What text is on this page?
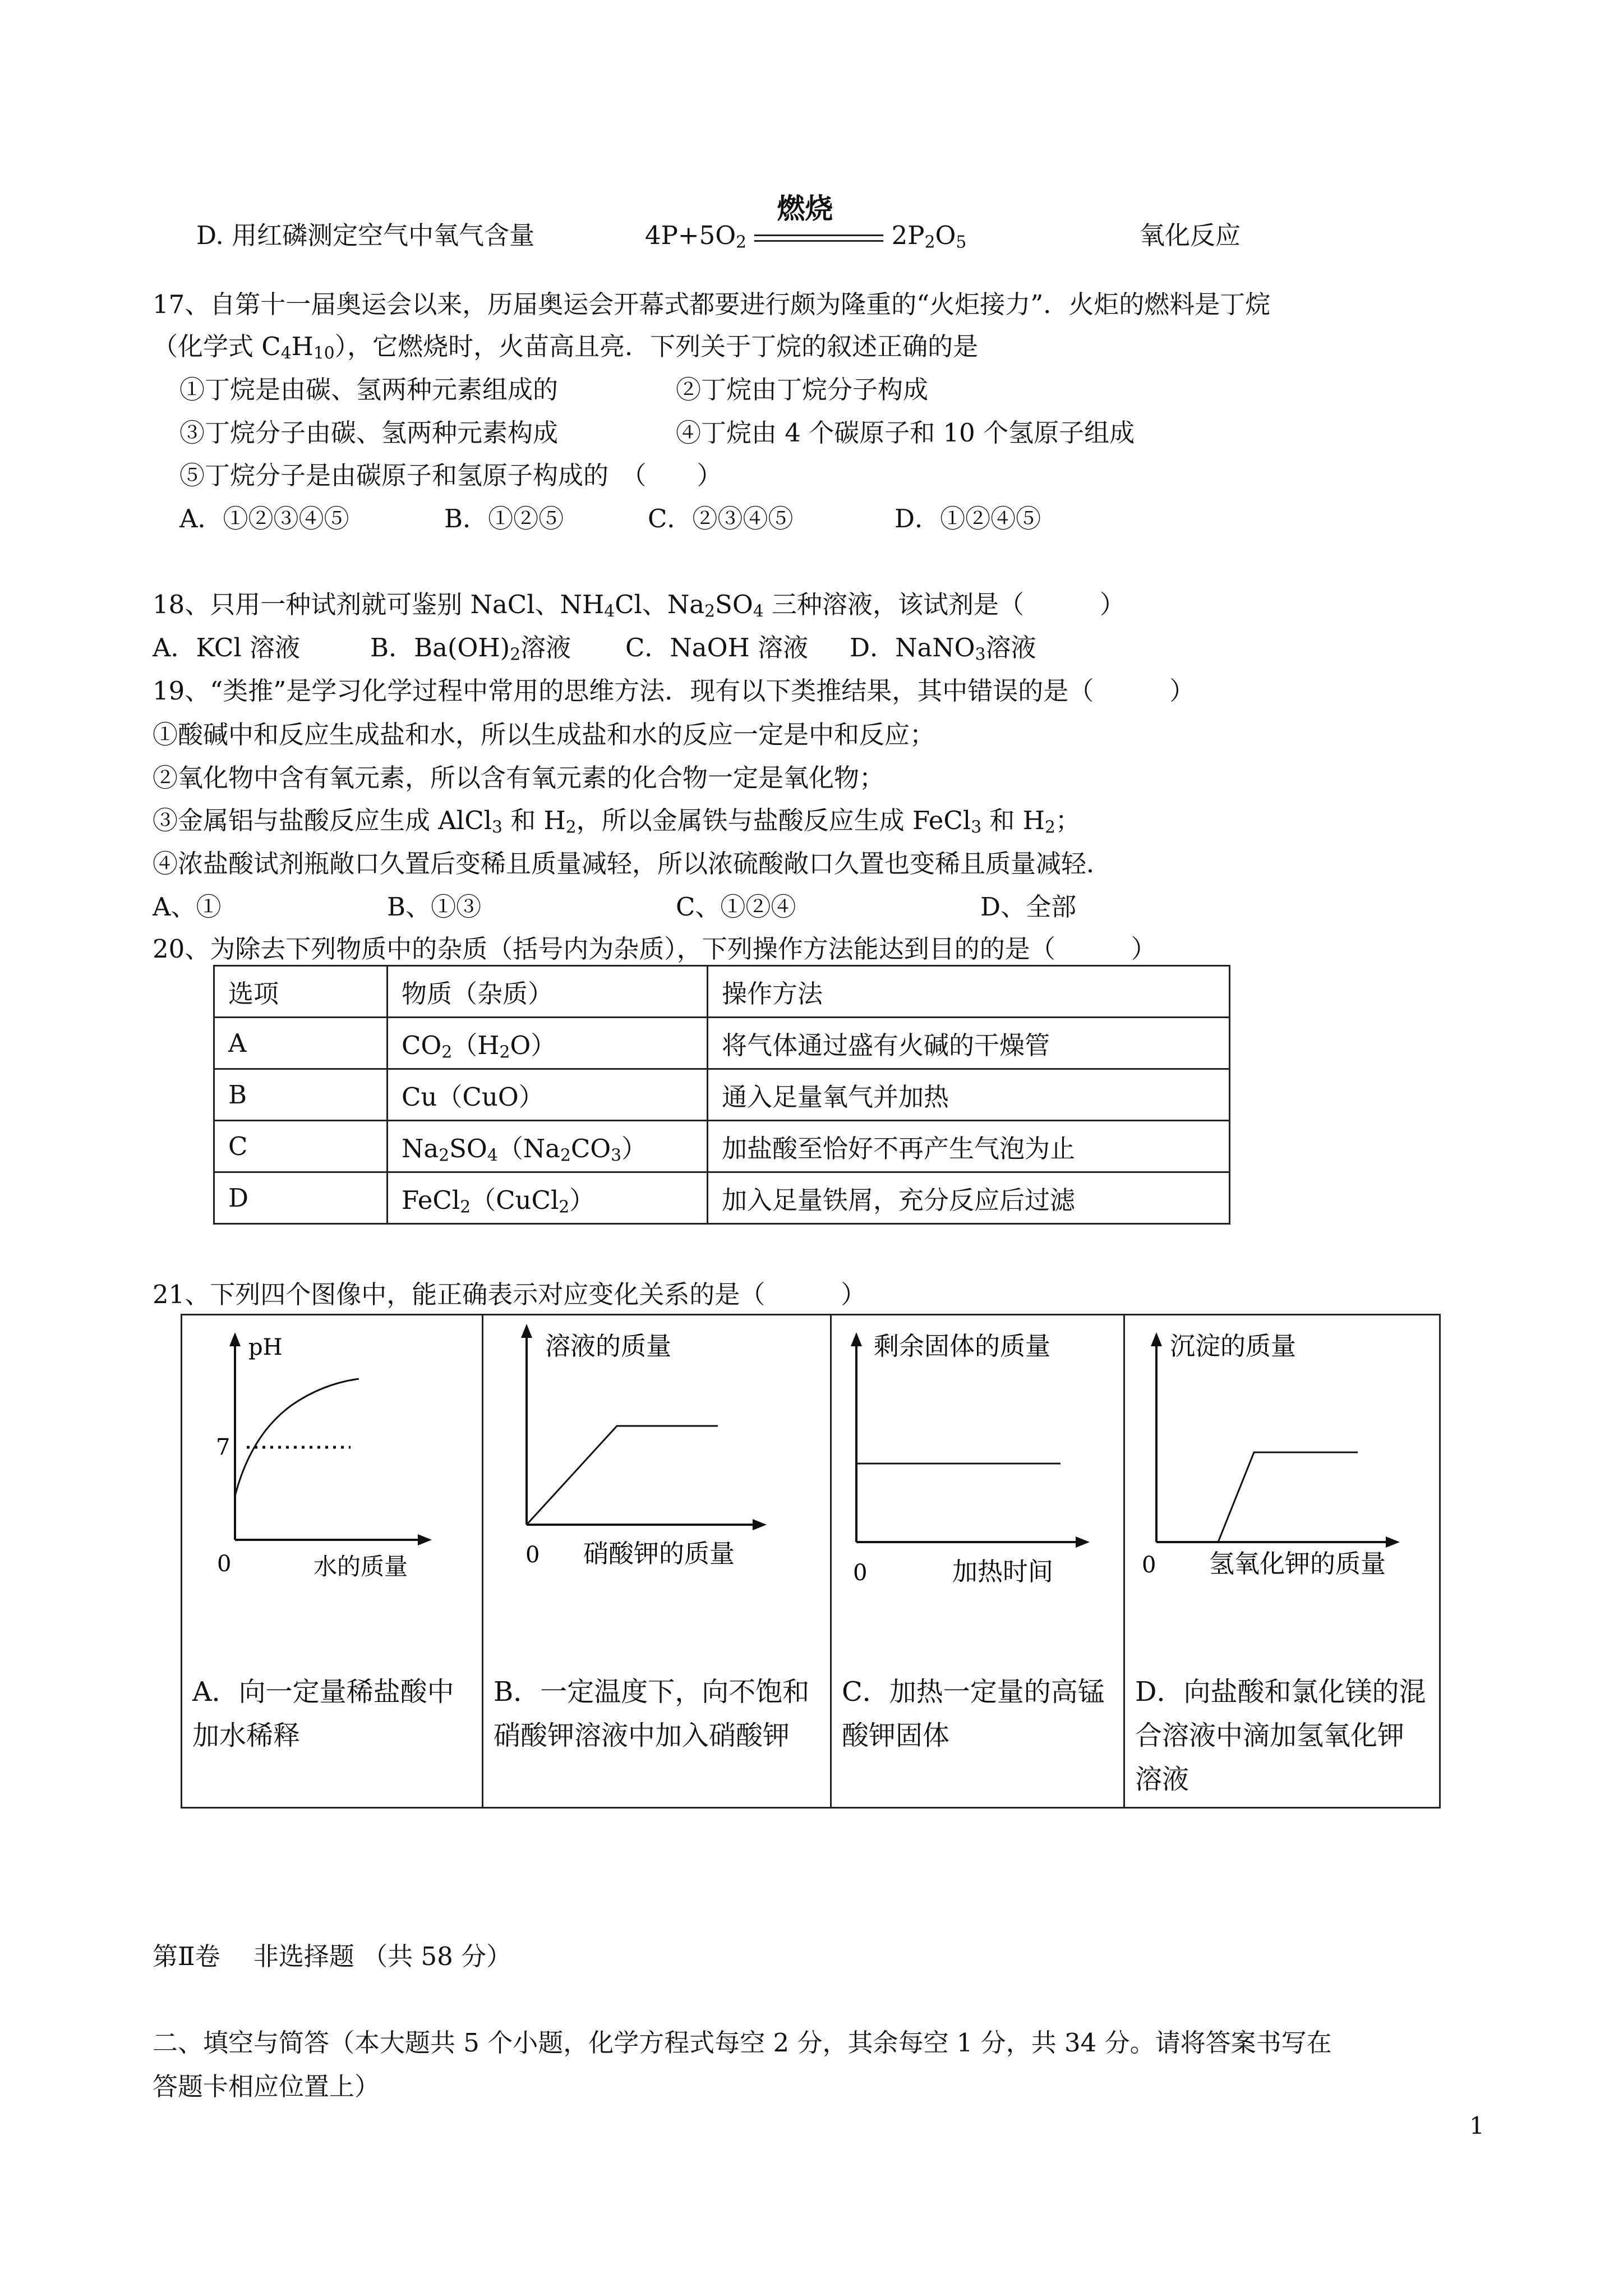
D. 用红磷测定空气中氧气含量	$4P+5O_2$
燃烧
$2P_2O_5$	氧化反应
17、自第十一届奥运会以来，历届奥运会开幕式都要进行颇为隆重的“火炬接力”．火炬的燃料是丁烷
（化学式 $C_4H_{10}$），它燃烧时，火苗高且亮．下列关于丁烷的叙述正确的是
①丁烷是由碳、氢两种元素组成的	②丁烷由丁烷分子构成
③丁烷分子由碳、氢两种元素构成	④丁烷由 4 个碳原子和 10 个氢原子组成
⑤丁烷分子是由碳原子和氢原子构成的　（　　）
A．①②③④⑤	B．①②⑤	C．②③④⑤	D．①②④⑤
18、只用一种试剂就可鉴别 NaCl、$NH_4Cl$、$Na_2SO_4$ 三种溶液，该试剂是（　　　）
A．KCl 溶液	B．$Ba(OH)_2$溶液 C．NaOH 溶液 D．NaNO$_3$溶液
19、“类推”是学习化学过程中常用的思维方法．现有以下类推结果，其中错误的是（　　　）
①酸碱中和反应生成盐和水，所以生成盐和水的反应一定是中和反应；
②氧化物中含有氧元素，所以含有氧元素的化合物一定是氧化物；
③金属铝与盐酸反应生成 AlCl$_3$ 和 $H_2$，所以金属铁与盐酸反应生成 FeCl$_3$ 和 $H_2$；
④浓盐酸试剂瓶敞口久置后变稀且质量减轻，所以浓硫酸敞口久置也变稀且质量减轻．
A、①	B、①③	C、①②④	D、全部
20、为除去下列物质中的杂质（括号内为杂质），下列操作方法能达到目的的是（　　　）
选项	物质（杂质）	操作方法
A	$CO_2(H_2O)$	将气体通过盛有火碱的干燥管
B	Cu（CuO）	通入足量氧气并加热
C	$Na_2SO_4(Na_2CO_3)$	加盐酸至恰好不再产生气泡为止
D	FeCl$_2$（CuCl$_2$）	加入足量铁屑，充分反应后过滤
21、下列四个图像中，能正确表示对应变化关系的是（　　　）
pH
7
0	水的质量
A．向一定量稀盐酸中加水稀释

溶液的质量
0 硝酸钾的质量
B．一定温度下，向不饱和硝酸钾溶液中加入硝酸钾

剩余固体的质量
0	加热时间
C．加热一定量的高锰酸钾固体

沉淀的质量
0 氢氧化钾的质量
D．向盐酸和氯化镁的混合溶液中滴加氢氧化钾溶液
第Ⅱ卷　 非选择题 （共 58 分）
二、填空与简答（本大题共 5 个小题，化学方程式每空 2 分，其余每空 1 分，共 34 分。请将答案书写在
答题卡相应位置上）
1
